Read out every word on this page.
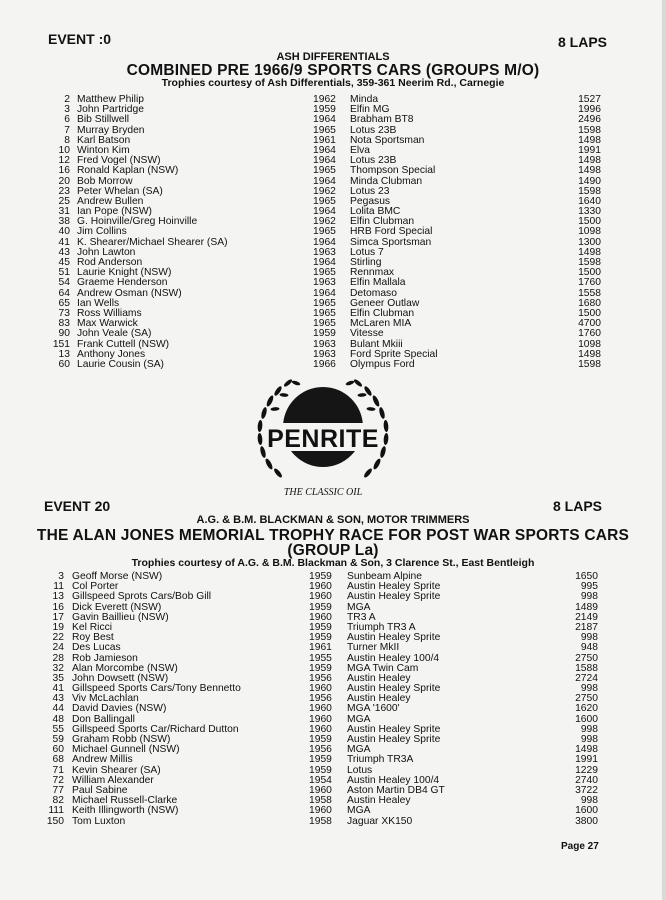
EVENT :0	8 LAPS
ASH DIFFERENTIALS
COMBINED PRE 1966/9 SPORTS CARS (GROUPS M/O)
Trophies courtesy of Ash Differentials, 359-361 Neerim Rd., Carnegie
2 Matthew Philip	1962 Minda	1527
3 John Partridge	1959 Elfin MG	1996
6 Bib Stillwell	1964 Brabham BT8	2496
7 Murray Bryden	1965 Lotus 23B	1598
8 Karl Batson	1961 Nota Sportsman	1498
10 Winton Kim	1964 Elva	1991
12 Fred Vogel (NSW)	1964 Lotus 23B	1498
16 Ronald Kaplan (NSW)	1965 Thompson Special	1498
20 Bob Morrow	1964 Minda Clubman	1490
23 Peter Whelan (SA)	1962 Lotus 23	1598
25 Andrew Bullen	1965 Pegasus	1640
31 Ian Pope (NSW)	1964 Lolita BMC	1330
38 G. Hoinville/Greg Hoinville	1962 Elfin Clubman	1500
40 Jim Collins	1965 HRB Ford Special	1098
41 K. Shearer/Michael Shearer (SA)	1964 Simca Sportsman	1300
43 John Lawton	1963 Lotus 7	1498
45 Rod Anderson	1964 Stirling	1598
51 Laurie Knight (NSW)	1965 Rennmax	1500
54 Graeme Henderson	1963 Elfin Mallala	1760
64 Andrew Osman (NSW)	1964 Detomaso	1558
65 Ian Wells	1965 Geneer Outlaw	1680
73 Ross Williams	1965 Elfin Clubman	1500
83 Max Warwick	1965 McLaren MIA	4700
90 John Veale (SA)	1959 Vitesse	1760
151 Frank Cuttell (NSW)	1963 Bulant Mkiii	1098
13 Anthony Jones	1963 Ford Sprite Special	1498
60 Laurie Cousin (SA)	1966 Olympus Ford	1598
PENRITE
THE CLASSIC OIL
EVENT 20	8 LAPS
A.G. & B.M. BLACKMAN & SON, MOTOR TRIMMERS
THE ALAN JONES MEMORIAL TROPHY RACE FOR POST WAR SPORTS CARS
(GROUP La)
Trophies courtesy of A.G. & B.M. Blackman & Son, 3 Clarence St., East Bentleigh
3 Geoff Morse (NSW)	1959 Sunbeam Alpine	1650
11 Col Porter	1960 Austin Healey Sprite	995
13 Gillspeed Sprots Cars/Bob Gill	1960 Austin Healey Sprite	998
16 Dick Everett (NSW)	1959 MGA	1489
17 Gavin Baillieu (NSW)	1960 TR3 A	2149
19 Kel Ricci	1959 Triumph TR3 A	2187
22 Roy Best	1959 Austin Healey Sprite	998
24 Des Lucas	1961 Turner MkII	948
28 Rob Jamieson	1955 Austin Healey 100/4	2750
32 Alan Morcombe (NSW)	1959 MGA Twin Cam	1588
35 John Dowsett (NSW)	1956 Austin Healey	2724
41 Gillspeed Sports Cars/Tony Bennetto	1960 Austin Healey Sprite	998
43 Viv McLachlan	1956 Austin Healey	2750
44 David Davies (NSW)	1960 MGA '1600'	1620
48 Don Ballingall	1960 MGA	1600
55 Gillspeed Sports Car/Richard Dutton	1960 Austin Healey Sprite	998
59 Graham Robb (NSW)	1959 Austin Healey Sprite	998
60 Michael Gunnell (NSW)	1956 MGA	1498
68 Andrew Millis	1959 Triumph TR3A	1991
71 Kevin Shearer (SA)	1959 Lotus	1229
72 William Alexander	1954 Austin Healey 100/4	2740
77 Paul Sabine	1960 Aston Martin DB4 GT	3722
82 Michael Russell-Clarke	1958 Austin Healey	998
111 Keith Illingworth (NSW)	1960 MGA	1600
150 Tom Luxton	1958 Jaguar XK150	3800
Page 27
